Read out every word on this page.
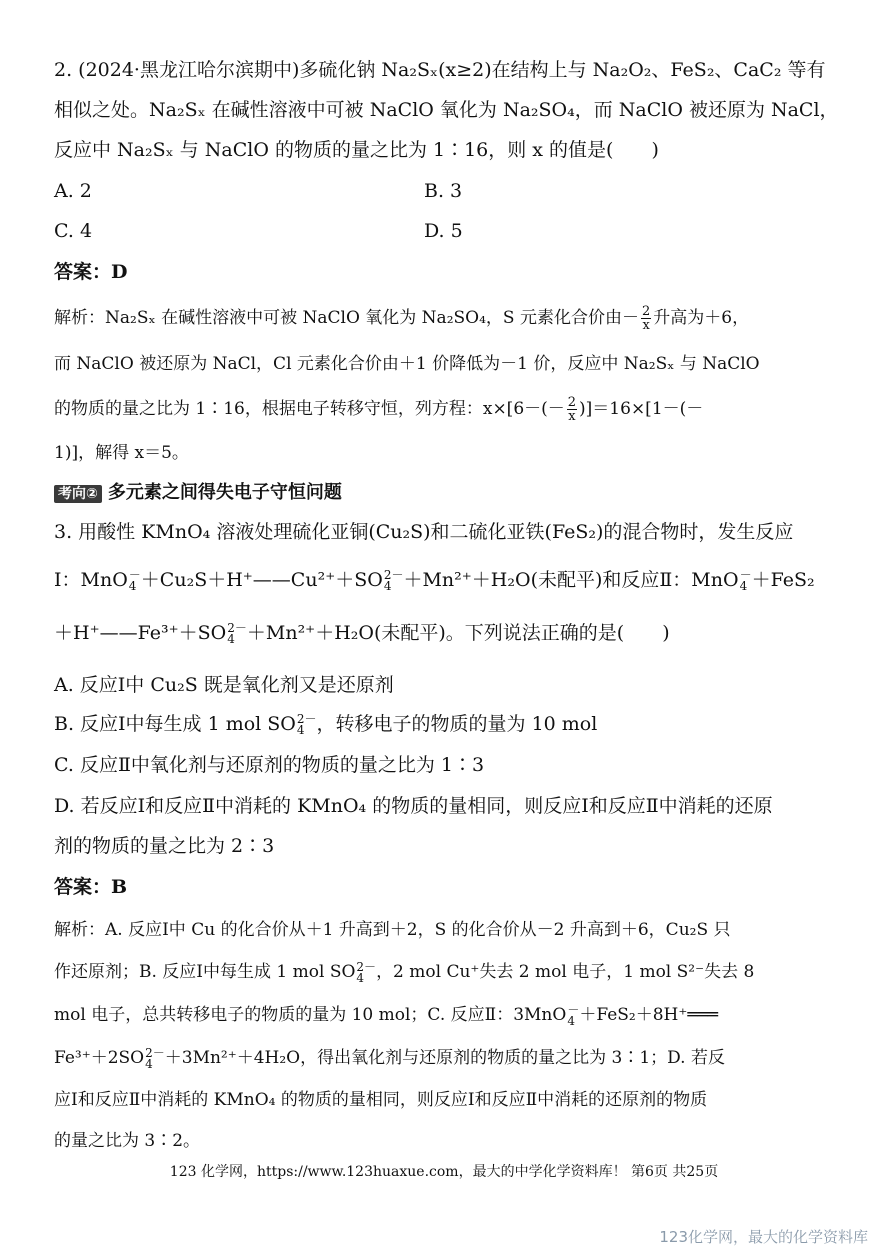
2. (2024·黑龙江哈尔滨期中)多硫化钠 Na₂Sₓ(x≥2)在结构上与 Na₂O₂、FeS₂、CaC₂ 等有
相似之处。Na₂Sₓ 在碱性溶液中可被 NaClO 氧化为 Na₂SO₄，而 NaClO 被还原为 NaCl，
反应中 Na₂Sₓ 与 NaClO 的物质的量之比为 1∶16，则 x 的值是(　　)
A. 2	B. 3
C. 4	D. 5
答案：D
解析：Na₂Sₓ 在碱性溶液中可被 NaClO 氧化为 Na₂SO₄，S 元素化合价由－ $\frac{2}{x}$ 升高为＋6，
而 NaClO 被还原为 NaCl，Cl 元素化合价由＋1 价降低为－1 价，反应中 Na₂Sₓ 与 NaClO
的物质的量之比为 1∶16，根据电子转移守恒，列方程：$x\times[6-(- \frac{2}{x} )]=16\times[1-(-$
1)]，解得 x＝5。
考向② 多元素之间得失电子守恒问题
3. 用酸性 KMnO₄ 溶液处理硫化亚铜(Cu₂S)和二硫化亚铁(FeS₂)的混合物时，发生反应
Ⅰ：MnO －
4 ＋Cu₂S＋H⁺——Cu²⁺＋SO 2－
4 ＋Mn²⁺＋H₂O(未配平)和反应Ⅱ：MnO －
4 ＋FeS₂
＋H⁺——Fe³⁺＋SO 2－
4 ＋Mn²⁺＋H₂O(未配平)。下列说法正确的是(　　)
A. 反应Ⅰ中 Cu₂S 既是氧化剂又是还原剂
B. 反应Ⅰ中每生成 1 mol SO 2－
4 ，转移电子的物质的量为 10 mol
C. 反应Ⅱ中氧化剂与还原剂的物质的量之比为 1∶3
D. 若反应Ⅰ和反应Ⅱ中消耗的 KMnO₄ 的物质的量相同，则反应Ⅰ和反应Ⅱ中消耗的还原
剂的物质的量之比为 2∶3
答案：B
解析：A. 反应Ⅰ中 Cu 的化合价从＋1 升高到＋2，S 的化合价从－2 升高到＋6，Cu₂S 只
作还原剂；B. 反应Ⅰ中每生成 1 mol SO 2－
4 ，2 mol Cu⁺失去 2 mol 电子，1 mol S²⁻失去 8
mol 电子，总共转移电子的物质的量为 10 mol；C. 反应Ⅱ：3MnO －
4 ＋FeS₂＋8H⁺═══
Fe³⁺＋2SO 2－
4 ＋3Mn²⁺＋4H₂O，得出氧化剂与还原剂的物质的量之比为 3∶1；D. 若反
应Ⅰ和反应Ⅱ中消耗的 KMnO₄ 的物质的量相同，则反应Ⅰ和反应Ⅱ中消耗的还原剂的物质
的量之比为 3∶2。
123 化学网，https://www.123huaxue.com，最大的中学化学资料库！ 第6页 共25页
123化学网，最大的化学资料库
